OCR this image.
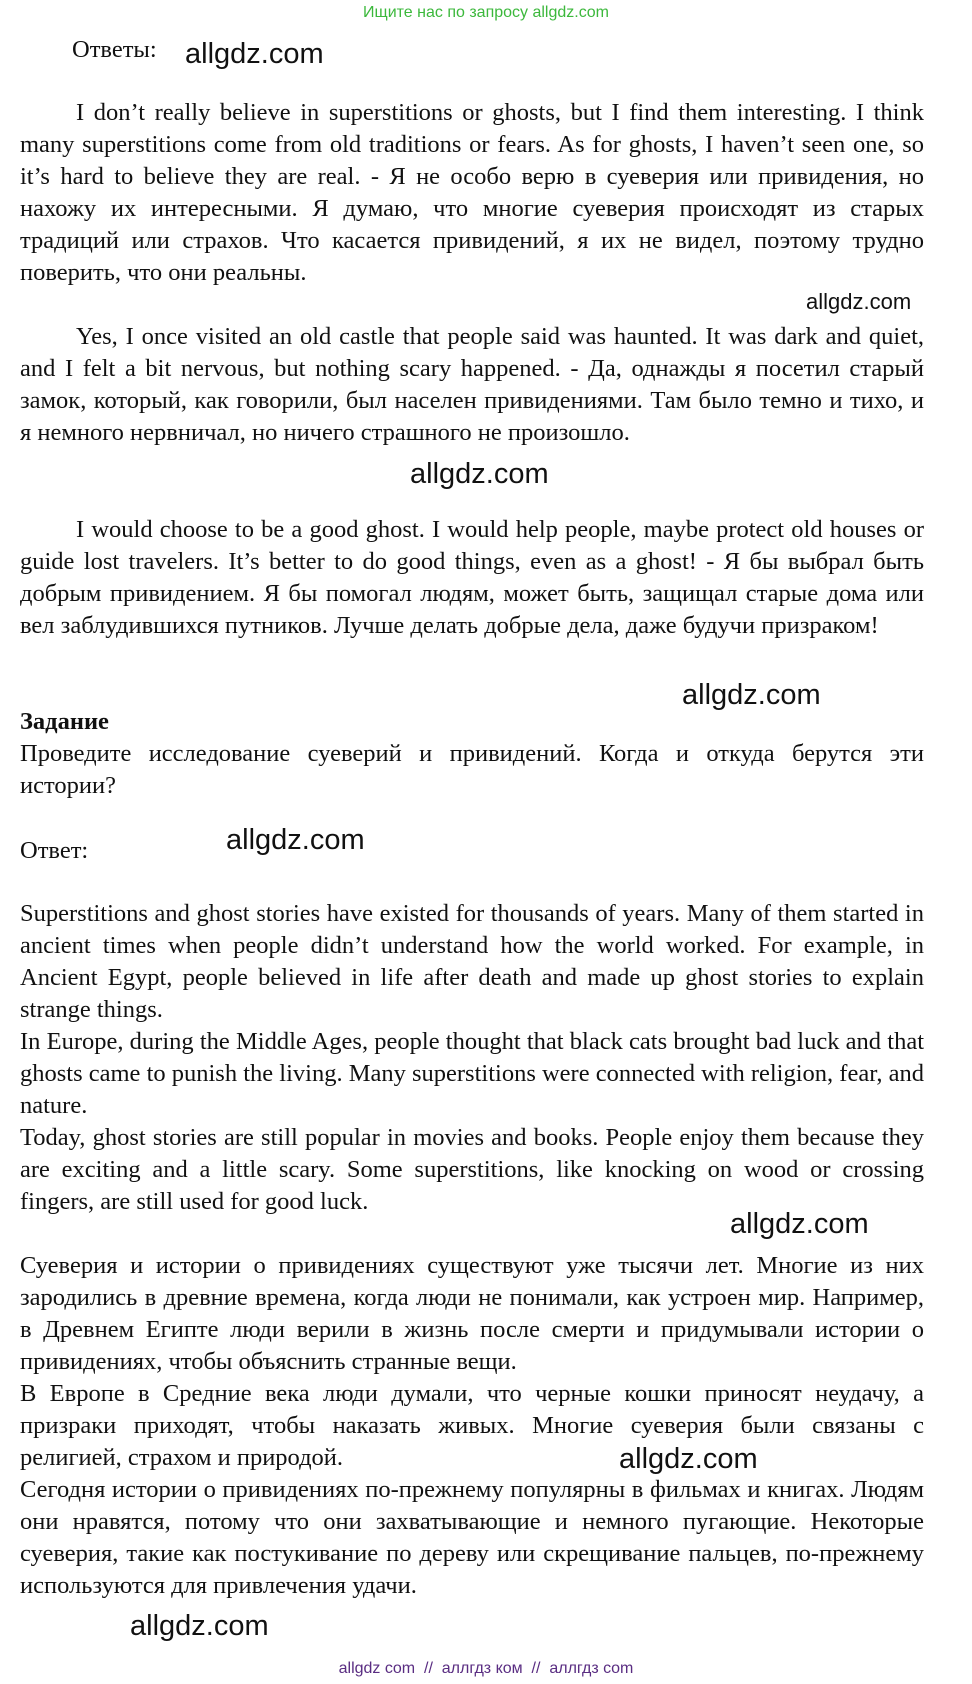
Ищите нас по запросу allgdz.com
Ответы: allgdz.com

I don’t really believe in superstitions or ghosts, but I find them interesting. I think many superstitions come from old traditions or fears. As for ghosts, I haven’t seen one, so it’s hard to believe they are real. - Я не особо верю в суеверия или привидения, но нахожу их интересными. Я думаю, что многие суеверия происходят из старых традиций или страхов. Что касается привидений, я их не видел, поэтому трудно поверить, что они реальны.

allgdz.com

Yes, I once visited an old castle that people said was haunted. It was dark and quiet, and I felt a bit nervous, but nothing scary happened. - Да, однажды я посетил старый замок, который, как говорили, был населен привидениями. Там было темно и тихо, и я немного нервничал, но ничего страшного не произошло.

allgdz.com

I would choose to be a good ghost. I would help people, maybe protect old houses or guide lost travelers. It’s better to do good things, even as a ghost! - Я бы выбрал быть добрым привидением. Я бы помогал людям, может быть, защищал старые дома или вел заблудившихся путников. Лучше делать добрые дела, даже будучи призраком!

allgdz.com
Задание

Проведите исследование суеверий и привидений. Когда и откуда берутся эти истории?

Ответ:	allgdz.com

Superstitions and ghost stories have existed for thousands of years. Many of them started in ancient times when people didn’t understand how the world worked. For example, in Ancient Egypt, people believed in life after death and made up ghost stories to explain strange things.

In Europe, during the Middle Ages, people thought that black cats brought bad luck and that ghosts came to punish the living. Many superstitions were connected with religion, fear, and nature.

Today, ghost stories are still popular in movies and books. People enjoy them because they are exciting and a little scary. Some superstitions, like knocking on wood or crossing fingers, are still used for good luck.

allgdz.com

Суеверия и истории о привидениях существуют уже тысячи лет. Многие из них зародились в древние времена, когда люди не понимали, как устроен мир. Например, в Древнем Египте люди верили в жизнь после смерти и придумывали истории о привидениях, чтобы объяснить странные вещи.

В Европе в Средние века люди думали, что черные кошки приносят неудачу, а призраки приходят, чтобы наказать живых. Многие суеверия были связаны с религией, страхом и природой.	allgdz.com

Сегодня истории о привидениях по-прежнему популярны в фильмах и книгах. Людям они нравятся, потому что они захватывающие и немного пугающие. Некоторые суеверия, такие как постукивание по дереву или скрещивание пальцев, по-прежнему используются для привлечения удачи.

allgdz.com
allgdz com  //  аллгдз ком  //  аллгдз com
